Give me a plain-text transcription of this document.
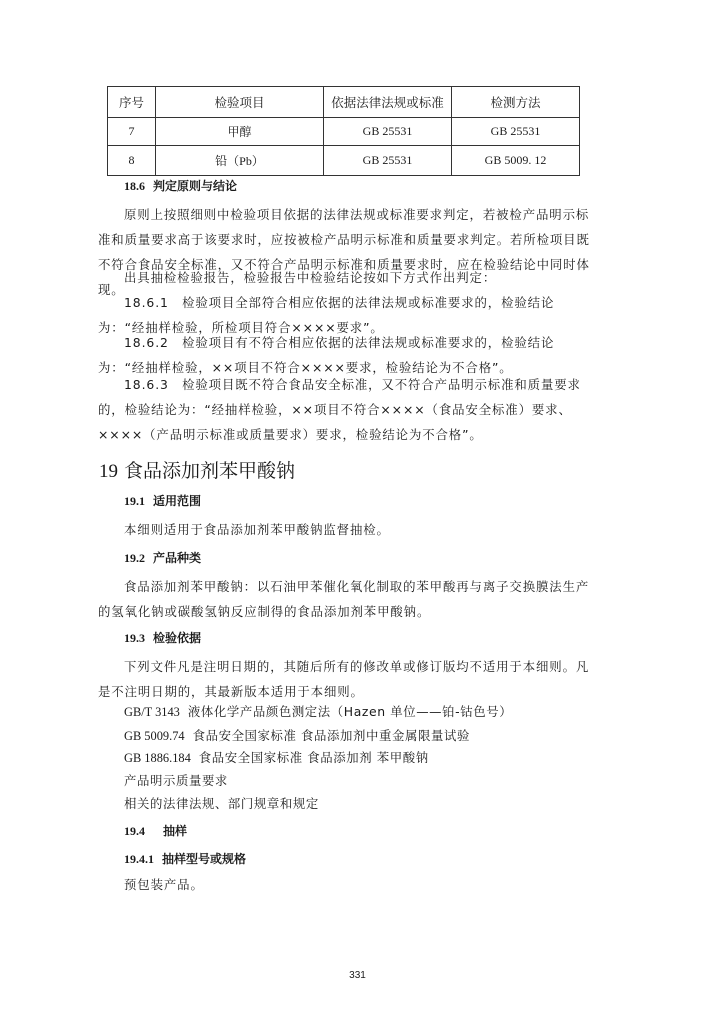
序号	检验项目	依据法律法规或标准	检测方法
7	甲醇	GB 25531	GB 25531
8	铅（Pb）	GB 25531	GB 5009. 12
18.6 判定原则与结论
原则上按照细则中检验项目依据的法律法规或标准要求判定，若被检产品明示标准和质量要求高于该要求时，应按被检产品明示标准和质量要求判定。若所检项目既不符合食品安全标准，又不符合产品明示标准和质量要求时，应在检验结论中同时体现。
出具抽检检验报告，检验报告中检验结论按如下方式作出判定：
18.6.1　检验项目全部符合相应依据的法律法规或标准要求的，检验结论为：“经抽样检验，所检项目符合××××要求”。
18.6.2　检验项目有不符合相应依据的法律法规或标准要求的，检验结论为：“经抽样检验，××项目不符合××××要求，检验结论为不合格”。
18.6.3　检验项目既不符合食品安全标准，又不符合产品明示标准和质量要求的，检验结论为：“经抽样检验，××项目不符合××××（食品安全标准）要求、××××（产品明示标准或质量要求）要求，检验结论为不合格”。
19 食品添加剂苯甲酸钠
19.1 适用范围
本细则适用于食品添加剂苯甲酸钠监督抽检。
19.2 产品种类
食品添加剂苯甲酸钠：以石油甲苯催化氧化制取的苯甲酸再与离子交换膜法生产的氢氧化钠或碳酸氢钠反应制得的食品添加剂苯甲酸钠。
19.3 检验依据
下列文件凡是注明日期的，其随后所有的修改单或修订版均不适用于本细则。凡是不注明日期的，其最新版本适用于本细则。
GB/T 3143 液体化学产品颜色测定法（Hazen 单位——铂-钴色号）
GB 5009.74 食品安全国家标准 食品添加剂中重金属限量试验
GB 1886.184 食品安全国家标准 食品添加剂 苯甲酸钠
产品明示质量要求
相关的法律法规、部门规章和规定
19.4 抽样
19.4.1 抽样型号或规格
预包装产品。
331
